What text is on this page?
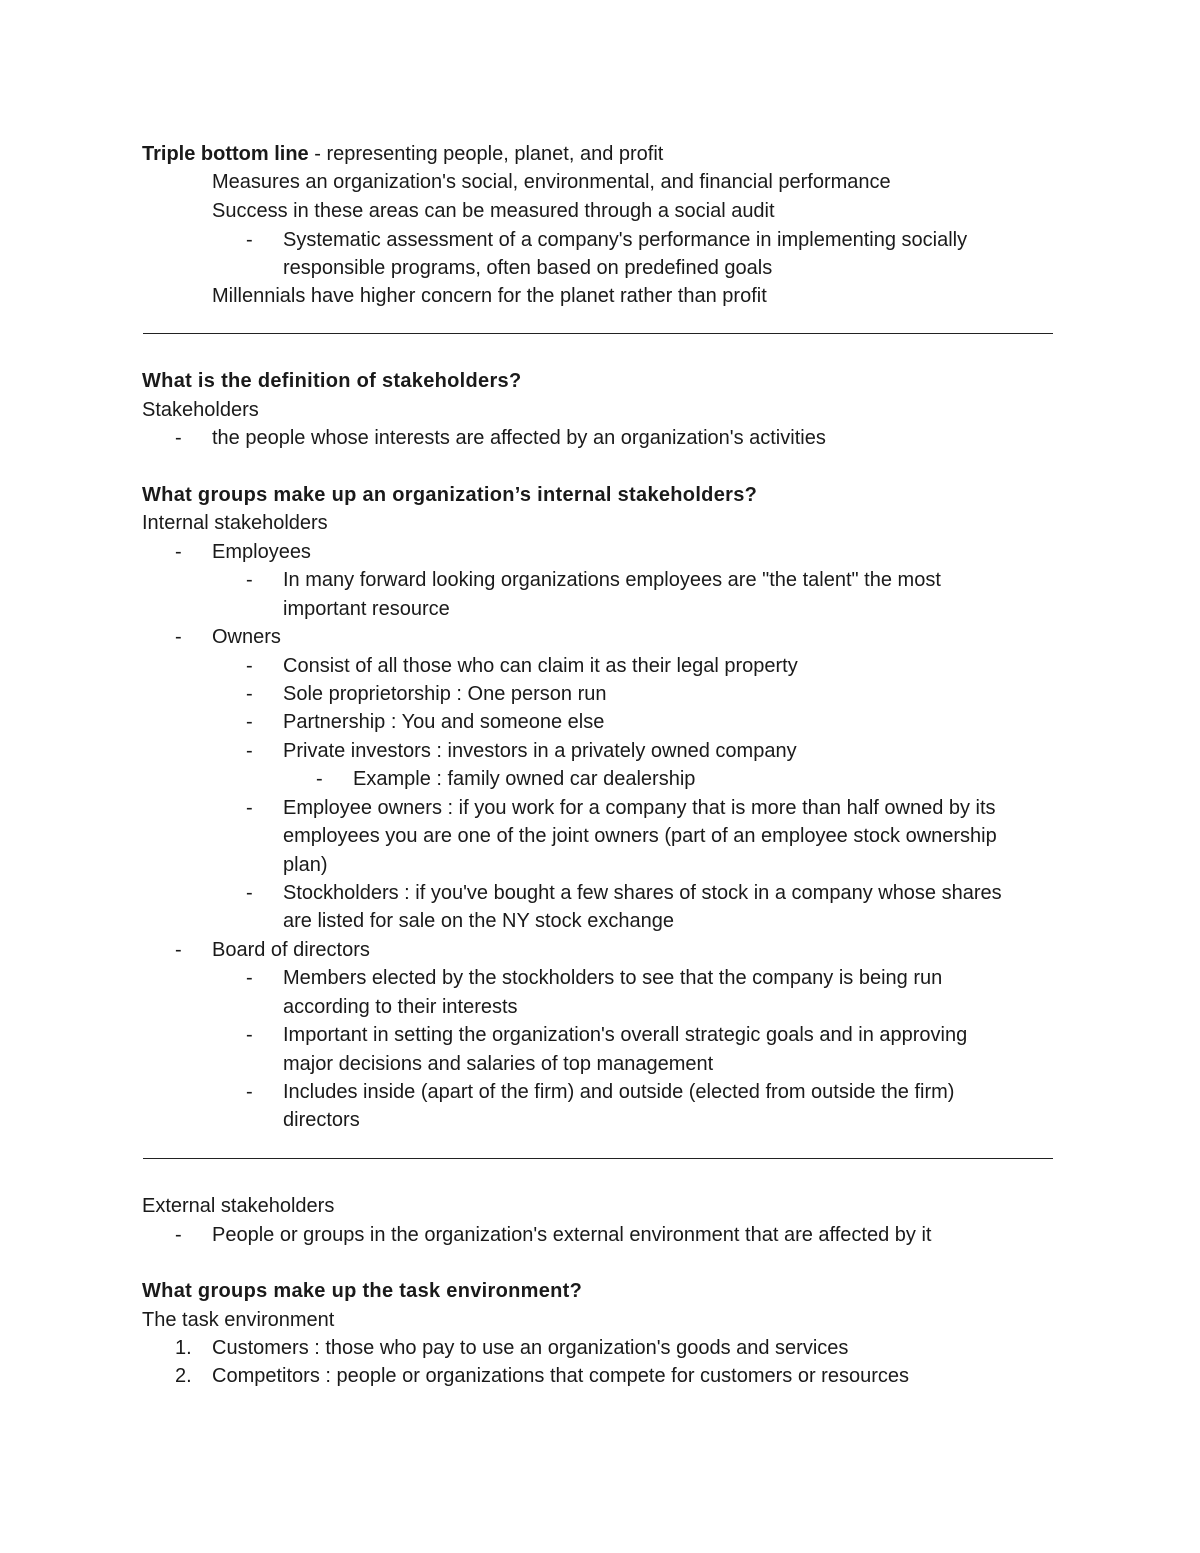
Triple bottom line - representing people, planet, and profit
Measures an organization's social, environmental, and financial performance
Success in these areas can be measured through a social audit
- Systematic assessment of a company's performance in implementing socially
responsible programs, often based on predefined goals
Millennials have higher concern for the planet rather than profit
What is the definition of stakeholders?
Stakeholders
- the people whose interests are affected by an organization's activities
What groups make up an organization’s internal stakeholders?
Internal stakeholders
- Employees
- In many forward looking organizations employees are "the talent" the most
important resource
- Owners
- Consist of all those who can claim it as their legal property
- Sole proprietorship : One person run
- Partnership : You and someone else
- Private investors : investors in a privately owned company
- Example : family owned car dealership
- Employee owners : if you work for a company that is more than half owned by its
employees you are one of the joint owners (part of an employee stock ownership
plan)
- Stockholders : if you've bought a few shares of stock in a company whose shares
are listed for sale on the NY stock exchange
- Board of directors
- Members elected by the stockholders to see that the company is being run
according to their interests
- Important in setting the organization's overall strategic goals and in approving
major decisions and salaries of top management
- Includes inside (apart of the firm) and outside (elected from outside the firm)
directors
External stakeholders
- People or groups in the organization's external environment that are affected by it
What groups make up the task environment?
The task environment
1. Customers : those who pay to use an organization's goods and services
2. Competitors : people or organizations that compete for customers or resources
